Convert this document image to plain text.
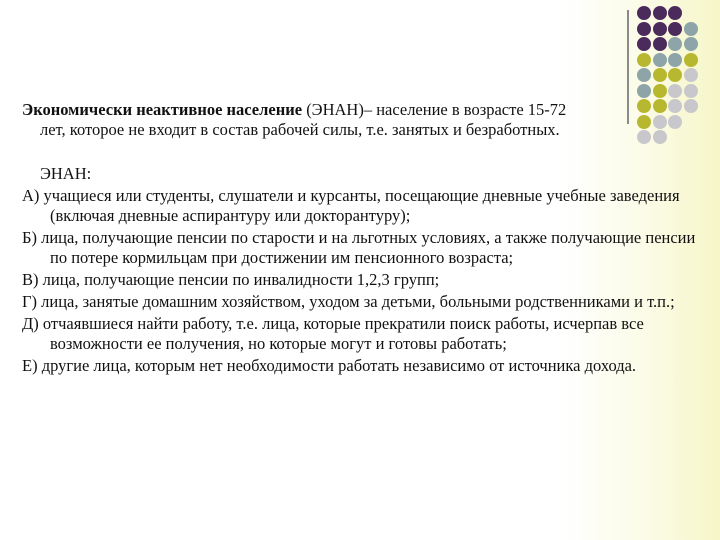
Экономически неактивное население (ЭНАН)– население в возрасте 15-72
лет, которое не входит в состав рабочей силы, т.е. занятых и безработных.
ЭНАН:

А) учащиеся или студенты, слушатели и курсанты, посещающие дневные учебные заведения (включая дневные аспирантуру или докторантуру);

Б) лица, получающие пенсии по старости и на льготных условиях, а также получающие пенсии по потере кормильцам при достижении им пенсионного возраста;

В) лица, получающие пенсии по инвалидности 1,2,3 групп;

Г) лица, занятые домашним хозяйством, уходом за детьми, больными родственниками и т.п.;

Д) отчаявшиеся найти работу, т.е. лица, которые прекратили поиск работы, исчерпав все возможности ее получения, но которые могут и готовы работать;

Е) другие лица, которым нет необходимости работать независимо от источника дохода.
